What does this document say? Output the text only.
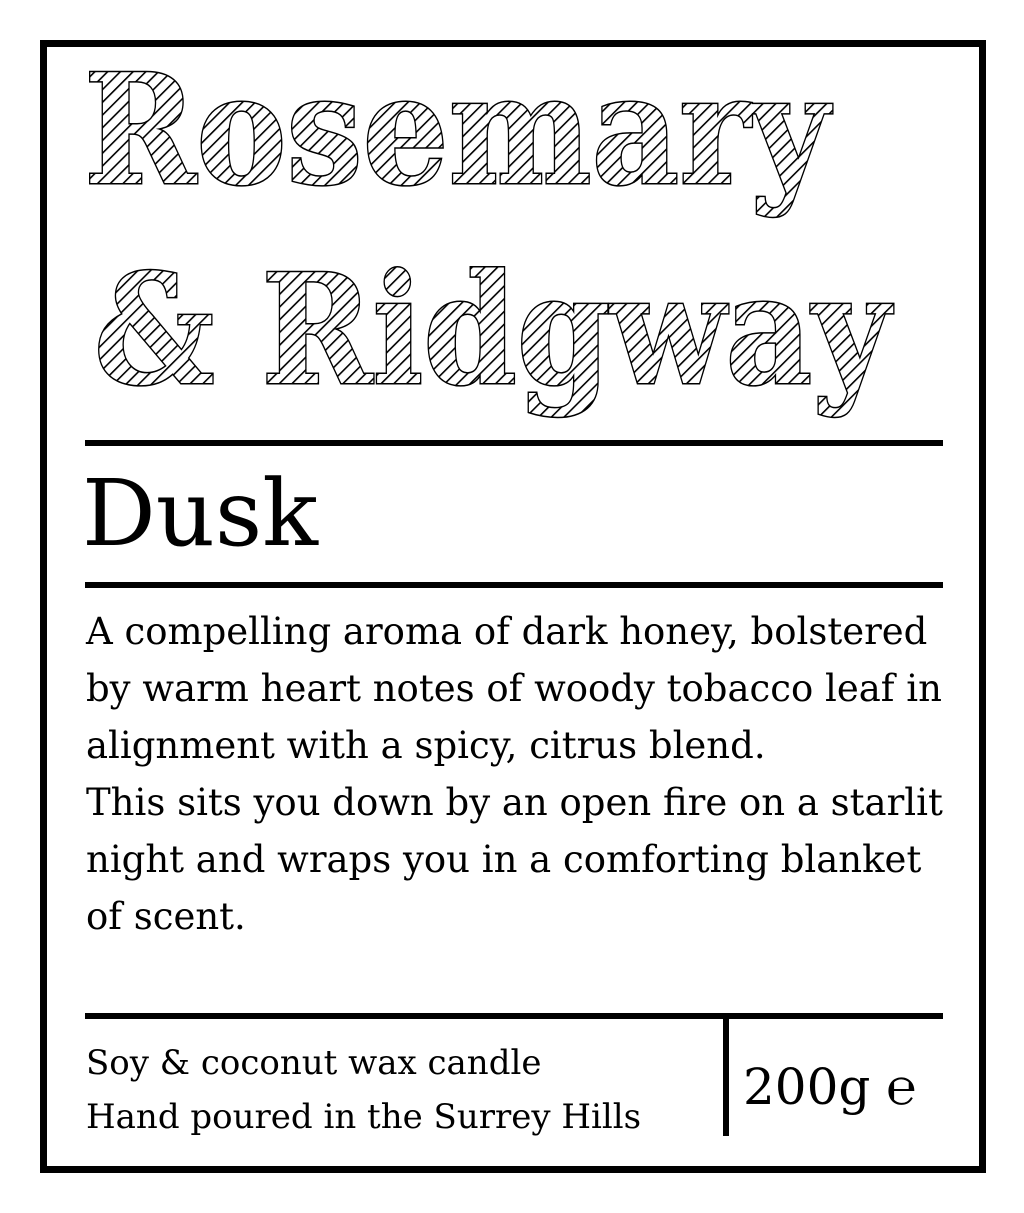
Rosemary
& Ridgway
Dusk

A compelling aroma of dark honey, bolstered by warm heart notes of woody tobacco leaf in alignment with a spicy, citrus blend.

This sits you down by an open fire on a starlit night and wraps you in a comforting blanket of scent.

Soy & coconut wax candle
Hand poured in the Surrey Hills
200g ℮
